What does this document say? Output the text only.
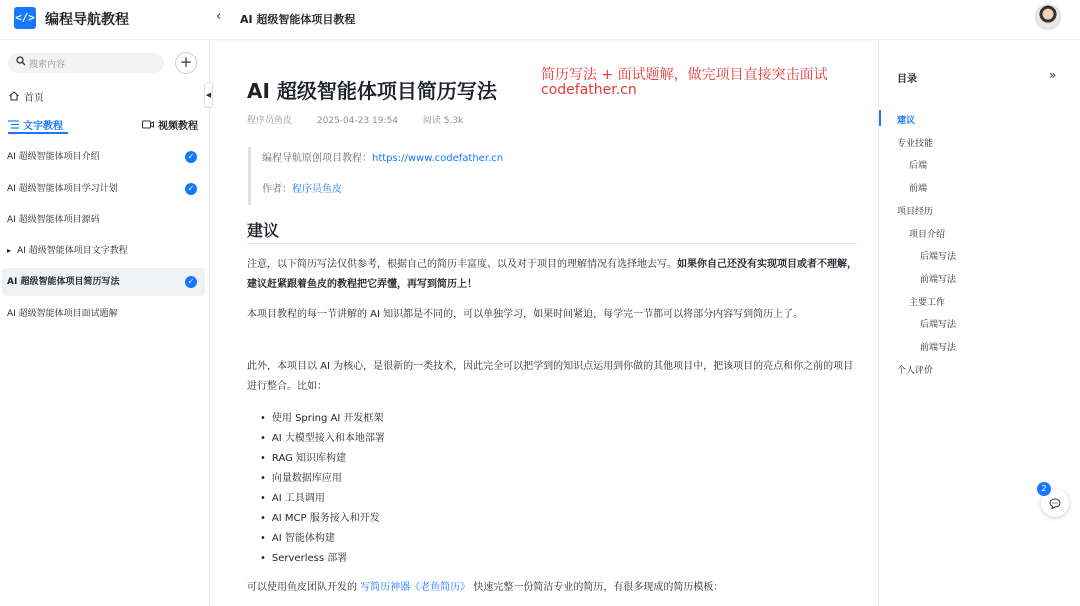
</> 编程导航教程	‹ AI 超级智能体项目教程
搜索内容	+
首页
文字教程	视频教程
AI 超级智能体项目介绍	✓
AI 超级智能体项目学习计划	✓
AI 超级智能体项目源码
▸ AI 超级智能体项目文字教程
AI 超级智能体项目简历写法	✓
AI 超级智能体项目面试题解
◀ AI 超级智能体项目简历写法
简历写法 + 面试题解，做完项目直接突击面试
codefather.cn
程序员鱼皮	2025-04-23 19:54	阅读 5.3k
编程导航原创项目教程：https://www.codefather.cn
作者：程序员鱼皮
建议
注意，以下简历写法仅供参考，根据自己的简历丰富度、以及对于项目的理解情况有选择地去写。如果你自己还没有实现项目或者不理解，建议赶紧跟着鱼皮的教程把它弄懂，再写到简历上！
本项目教程的每一节讲解的 AI 知识都是不同的，可以单独学习，如果时间紧迫，每学完一节都可以将部分内容写到简历上了。
此外，本项目以 AI 为核心，是很新的一类技术，因此完全可以把学到的知识点运用到你做的其他项目中，把该项目的亮点和你之前的项目进行整合。比如：
• 使用 Spring AI 开发框架
• AI 大模型接入和本地部署
• RAG 知识库构建
• 向量数据库应用
• AI 工具调用
• AI MCP 服务接入和开发
• AI 智能体构建
• Serverless 部署
可以使用鱼皮团队开发的 写简历神器《老鱼简历》 快速完整一份简洁专业的简历，有很多现成的简历模板：
目录	»
建议
专业技能
后端
前端
项目经历
项目介绍
后端写法
前端写法
主要工作
后端写法
前端写法
个人评价
2
